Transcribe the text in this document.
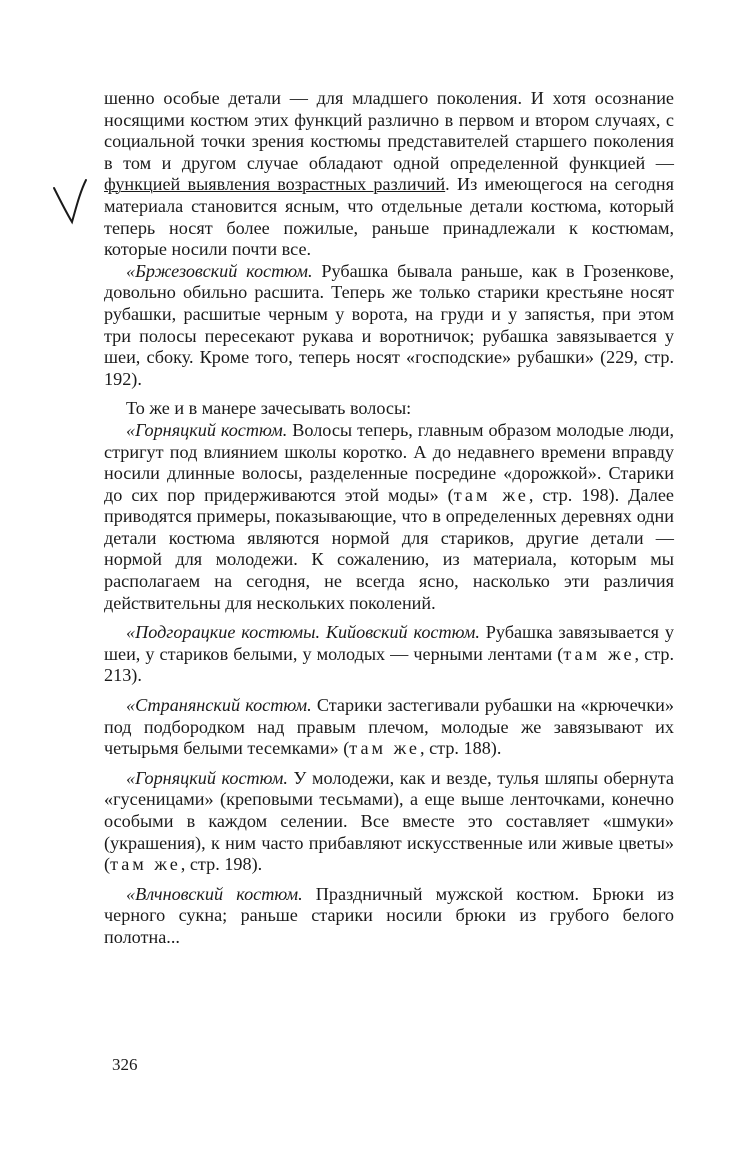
шенно особые детали — для младшего поколения. И хотя осознание носящими костюм этих функций различно в первом и втором случаях, с социальной точки зрения костюмы представителей старшего поколения в том и другом случае обладают одной определенной функцией — функцией выявления возрастных различий. Из имеющегося на сегодня материала становится ясным, что отдельные детали костюма, который теперь носят более пожилые, раньше принадлежали к костюмам, которые носили почти все.

«Бржезовский костюм. Рубашка бывала раньше, как в Грозенкове, довольно обильно расшита. Теперь же только старики крестьяне носят рубашки, расшитые черным у ворота, на груди и у запястья, при этом три полосы пересекают рукава и воротничок; рубашка завязывается у шеи, сбоку. Кроме того, теперь носят «господские» рубашки» (229, стр. 192).

То же и в манере зачесывать волосы:

«Горняцкий костюм. Волосы теперь, главным образом молодые люди, стригут под влиянием школы коротко. А до недавнего времени вправду носили длинные волосы, разделенные посредине «дорожкой». Старики до сих пор придерживаются этой моды» (там же, стр. 198). Далее приводятся примеры, показывающие, что в определенных деревнях одни детали костюма являются нормой для стариков, другие детали — нормой для молодежи. К сожалению, из материала, которым мы располагаем на сегодня, не всегда ясно, насколько эти различия действительны для нескольких поколений.

«Подгорацкие костюмы. Кийовский костюм. Рубашка завязывается у шеи, у стариков белыми, у молодых — черными лентами (там же, стр. 213).

«Странянский костюм. Старики застегивали рубашки на «крючечки» под подбородком над правым плечом, молодые же завязывают их четырьмя белыми тесемками» (там же, стр. 188).

«Горняцкий костюм. У молодежи, как и везде, тулья шляпы обернута «гусеницами» (креповыми тесьмами), а еще выше ленточками, конечно особыми в каждом селении. Все вместе это составляет «шмуки» (украшения), к ним часто прибавляют искусственные или живые цветы» (там же, стр. 198).

«Влчновский костюм. Праздничный мужской костюм. Брюки из черного сукна; раньше старики носили брюки из грубого белого полотна...

326
